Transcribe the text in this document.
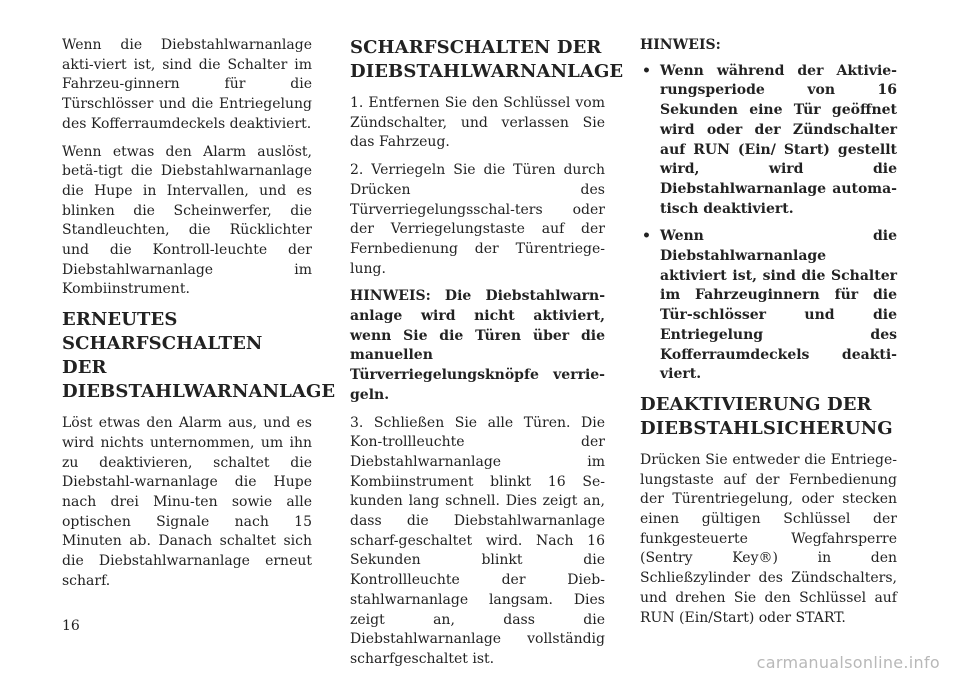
Wenn die Diebstahlwarnanlage akti-viert ist, sind die Schalter im Fahrzeu-ginnern für die Türschlösser und die Entriegelung des Kofferraumdeckels deaktiviert.

Wenn etwas den Alarm auslöst, betä-tigt die Diebstahlwarnanlage die Hupe in Intervallen, und es blinken die Scheinwerfer, die Standleuchten, die Rücklichter und die Kontroll-leuchte der Diebstahlwarnanlage im Kombiinstrument.

ERNEUTES SCHARFSCHALTEN DER DIEBSTAHLWARNANLAGE

Löst etwas den Alarm aus, und es wird nichts unternommen, um ihn zu deaktivieren, schaltet die Diebstahl-warnanlage die Hupe nach drei Minu-ten sowie alle optischen Signale nach 15 Minuten ab. Danach schaltet sich die Diebstahlwarnanlage erneut scharf.

SCHARFSCHALTEN DER DIEBSTAHLWARNANLAGE

1. Entfernen Sie den Schlüssel vom Zündschalter, und verlassen Sie das Fahrzeug.

2. Verriegeln Sie die Türen durch Drücken des Türverriegelungsschal-ters oder der Verriegelungstaste auf der Fernbedienung der Türentriege-lung.

HINWEIS: Die Diebstahlwarn-anlage wird nicht aktiviert, wenn Sie die Türen über die manuellen Türverriegelungsknöpfe verrie-geln.

3. Schließen Sie alle Türen. Die Kon-trollleuchte der Diebstahlwarnanlage im Kombiinstrument blinkt 16 Se-kunden lang schnell. Dies zeigt an, dass die Diebstahlwarnanlage scharf-geschaltet wird. Nach 16 Sekunden blinkt die Kontrollleuchte der Dieb-stahlwarnanlage langsam. Dies zeigt an, dass die Diebstahlwarnanlage vollständig scharfgeschaltet ist.

HINWEIS:

• Wenn während der Aktivie-rungsperiode von 16 Sekunden eine Tür geöffnet wird oder der Zündschalter auf RUN (Ein/ Start) gestellt wird, wird die Diebstahlwarnanlage automa-tisch deaktiviert.
• Wenn die Diebstahlwarnanlage aktiviert ist, sind die Schalter im Fahrzeuginnern für die Tür-schlösser und die Entriegelung des Kofferraumdeckels deakti-viert.
DEAKTIVIERUNG DER DIEBSTAHLSICHERUNG

Drücken Sie entweder die Entriege-lungstaste auf der Fernbedienung der Türentriegelung, oder stecken einen gültigen Schlüssel der funkgesteuerte Wegfahrsperre (Sentry Key®) in den Schließzylinder des Zündschalters, und drehen Sie den Schlüssel auf RUN (Ein/Start) oder START.

16
carmanualsonline.info
